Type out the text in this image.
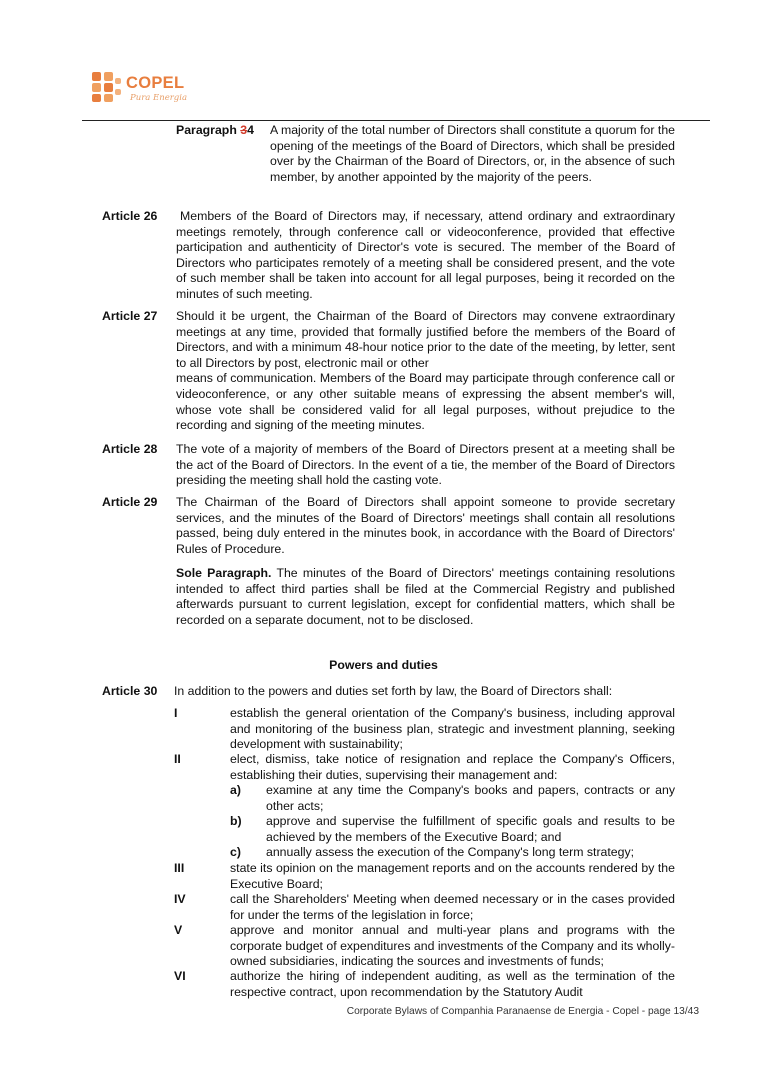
COPEL
Pura Energia
Paragraph 34	A majority of the total number of Directors shall constitute a quorum for the opening of the meetings of the Board of Directors, which shall be presided over by the Chairman of the Board of Directors, or, in the absence of such member, by another appointed by the majority of the peers.
Article 26	Members of the Board of Directors may, if necessary, attend ordinary and extraordinary meetings remotely, through conference call or videoconference, provided that effective participation and authenticity of Director's vote is secured. The member of the Board of Directors who participates remotely of a meeting shall be considered present, and the vote of such member shall be taken into account for all legal purposes, being it recorded on the minutes of such meeting.
Article 27 Should it be urgent, the Chairman of the Board of Directors may convene extraordinary meetings at any time, provided that formally justified before the members of the Board of Directors, and with a minimum 48-hour notice prior to the date of the meeting, by letter, sent to all Directors by post, electronic mail or other
means of communication. Members of the Board may participate through conference call or videoconference, or any other suitable means of expressing the absent member's will, whose vote shall be considered valid for all legal purposes, without prejudice to the recording and signing of the meeting minutes.
Article 28 The vote of a majority of members of the Board of Directors present at a meeting shall be the act of the Board of Directors. In the event of a tie, the member of the Board of Directors presiding the meeting shall hold the casting vote.
Article 29 The Chairman of the Board of Directors shall appoint someone to provide secretary services, and the minutes of the Board of Directors' meetings shall contain all resolutions passed, being duly entered in the minutes book, in accordance with the Board of Directors' Rules of Procedure.
Sole Paragraph. The minutes of the Board of Directors' meetings containing resolutions intended to affect third parties shall be filed at the Commercial Registry and published afterwards pursuant to current legislation, except for confidential matters, which shall be recorded on a separate document, not to be disclosed.
Powers and duties
Article 30 In addition to the powers and duties set forth by law, the Board of Directors shall:
I	establish the general orientation of the Company's business, including approval and monitoring of the business plan, strategic and investment planning, seeking development with sustainability;
II	elect, dismiss, take notice of resignation and replace the Company's Officers, establishing their duties, supervising their management and:
a) examine at any time the Company's books and papers, contracts or any other acts;
b) approve and supervise the fulfillment of specific goals and results to be achieved by the members of the Executive Board; and
c) annually assess the execution of the Company's long term strategy;
III	state its opinion on the management reports and on the accounts rendered by the Executive Board;
IV	call the Shareholders' Meeting when deemed necessary or in the cases provided for under the terms of the legislation in force;
V	approve and monitor annual and multi-year plans and programs with the corporate budget of expenditures and investments of the Company and its wholly-owned subsidiaries, indicating the sources and investments of funds;
VI	authorize the hiring of independent auditing, as well as the termination of the respective contract, upon recommendation by the Statutory Audit
Corporate Bylaws of Companhia Paranaense de Energia - Copel - page 13/43
